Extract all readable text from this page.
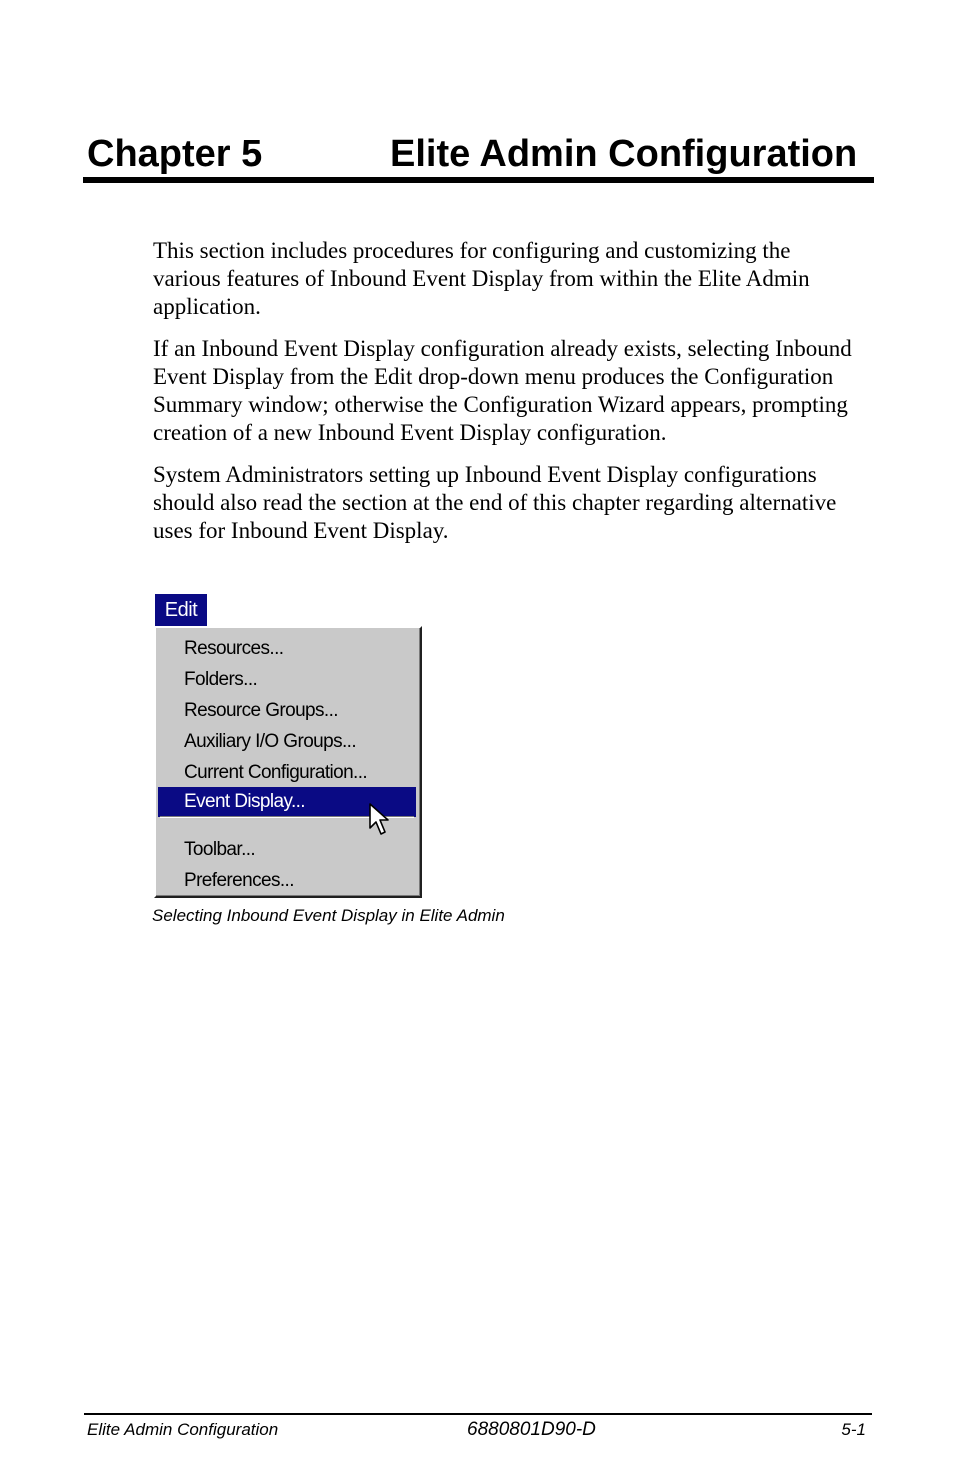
Chapter 5	Elite Admin Configuration

This section includes procedures for configuring and customizing the various features of Inbound Event Display from within the Elite Admin application.

If an Inbound Event Display configuration already exists, selecting Inbound Event Display from the Edit drop-down menu produces the Configuration Summary window; otherwise the Configuration Wizard appears, prompting creation of a new Inbound Event Display configuration.

System Administrators setting up Inbound Event Display configurations should also read the section at the end of this chapter regarding alternative uses for Inbound Event Display.

Edit
Resources...
Folders...
Resource Groups...
Auxiliary I/O Groups...
Current Configuration...
Event Display...
Toolbar...
Preferences...
Selecting Inbound Event Display in Elite Admin
Elite Admin Configuration	6880801D90-D	5-1
